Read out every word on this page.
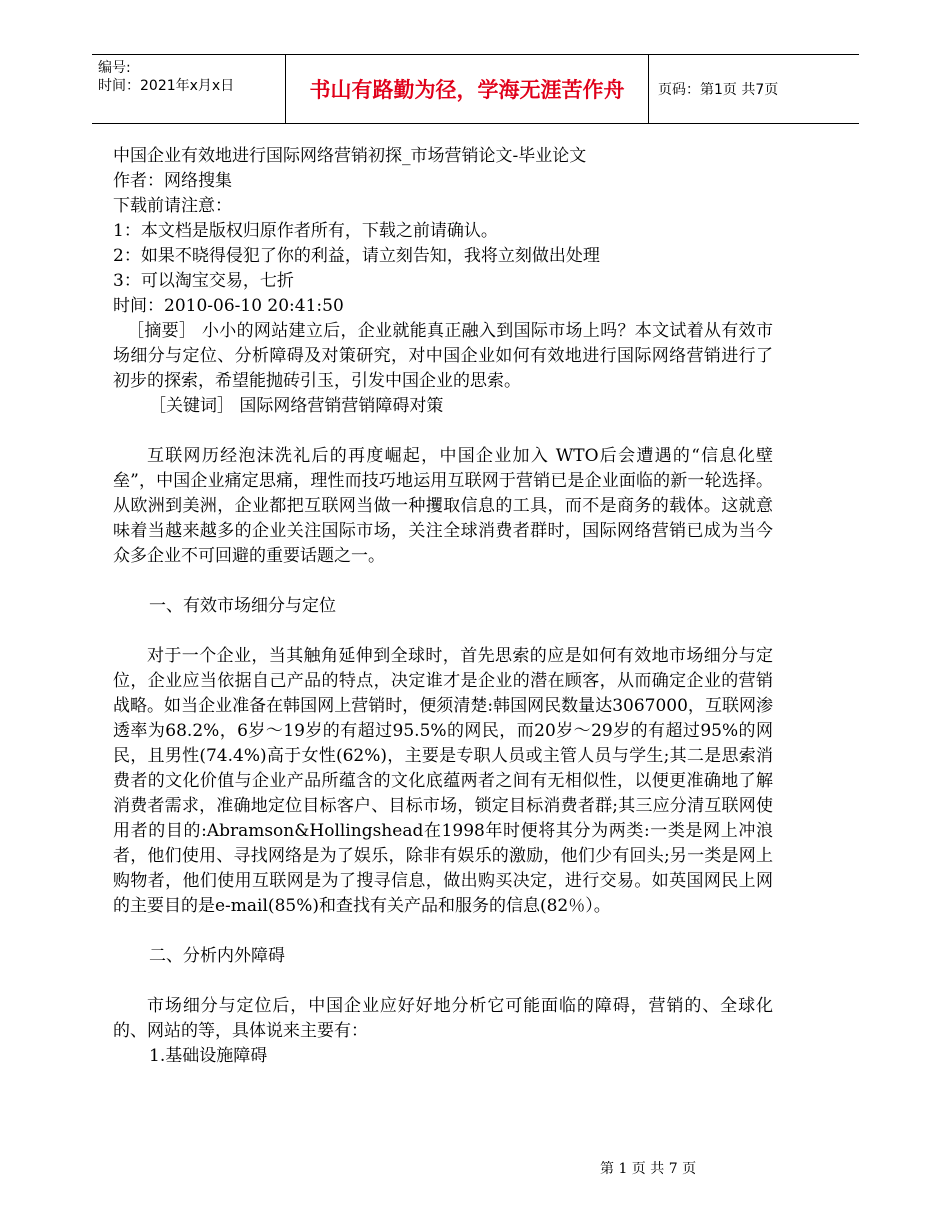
编号:
时间：2021年x月x日	书山有路勤为径，学海无涯苦作舟	页码：第1页 共7页

中国企业有效地进行国际网络营销初探_市场营销论文-毕业论文

作者：网络搜集

下载前请注意：

1：本文档是版权归原作者所有，下载之前请确认。

2：如果不晓得侵犯了你的利益，请立刻告知，我将立刻做出处理

3：可以淘宝交易，七折

时间：2010-06-10 20:41:50

［摘要］ 小小的网站建立后，企业就能真正融入到国际市场上吗？本文试着从有效市场细分与定位、分析障碍及对策研究，对中国企业如何有效地进行国际网络营销进行了初步的探索，希望能抛砖引玉，引发中国企业的思索。

［关键词］ 国际网络营销营销障碍对策

互联网历经泡沫洗礼后的再度崛起，中国企业加入 WTO后会遭遇的“信息化壁垒”，中国企业痛定思痛，理性而技巧地运用互联网于营销已是企业面临的新一轮选择。从欧洲到美洲，企业都把互联网当做一种攫取信息的工具，而不是商务的载体。这就意味着当越来越多的企业关注国际市场，关注全球消费者群时，国际网络营销已成为当今众多企业不可回避的重要话题之一。

一、有效市场细分与定位

对于一个企业，当其触角延伸到全球时，首先思索的应是如何有效地市场细分与定位，企业应当依据自己产品的特点，决定谁才是企业的潜在顾客，从而确定企业的营销战略。如当企业准备在韩国网上营销时，便须清楚:韩国网民数量达3067000，互联网渗透率为68.2%，6岁～19岁的有超过95.5%的网民，而20岁～29岁的有超过95%的网民，且男性(74.4%)高于女性(62%)，主要是专职人员或主管人员与学生;其二是思索消费者的文化价值与企业产品所蕴含的文化底蕴两者之间有无相似性，以便更准确地了解消费者需求，准确地定位目标客户、目标市场，锁定目标消费者群;其三应分清互联网使用者的目的:Abramson&Hollingshead在1998年时便将其分为两类:一类是网上冲浪者，他们使用、寻找网络是为了娱乐，除非有娱乐的激励，他们少有回头;另一类是网上购物者，他们使用互联网是为了搜寻信息，做出购买决定，进行交易。如英国网民上网的主要目的是e-mail(85%)和查找有关产品和服务的信息(82％）。

二、分析内外障碍

市场细分与定位后，中国企业应好好地分析它可能面临的障碍，营销的、全球化的、网站的等，具体说来主要有：

1.基础设施障碍

第 1 页 共 7 页
